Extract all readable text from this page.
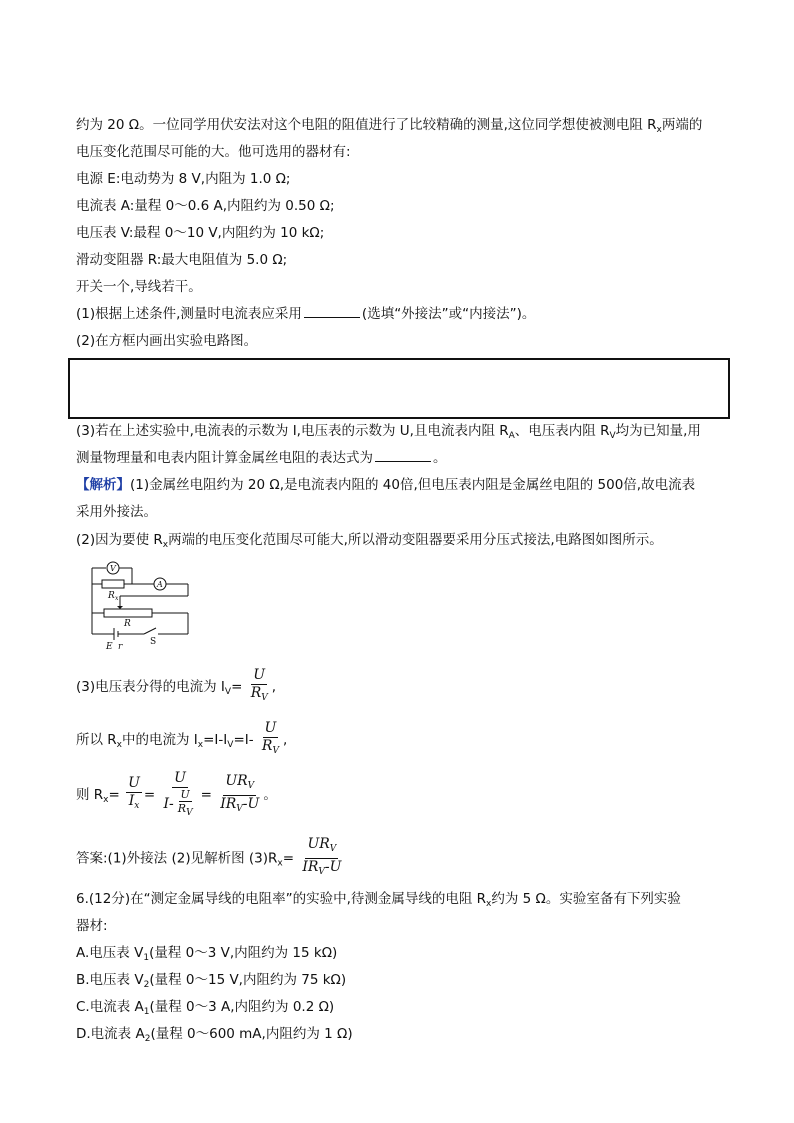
约为 20 Ω。一位同学用伏安法对这个电阻的阻值进行了比较精确的测量,这位同学想使被测电阻 $R_x$两端的
电压变化范围尽可能的大。他可选用的器材有:
电源 E:电动势为 8 V,内阻为 1.0 Ω;
电流表 A:量程 0～0.6 A,内阻约为 0.50 Ω;
电压表 V:最程 0～10 V,内阻约为 10 kΩ;
滑动变阻器 R:最大电阻值为 5.0 Ω;
开关一个,导线若干。
(1)根据上述条件,测量时电流表应采用	(选填“外接法”或“内接法”)。
(2)在方框内画出实验电路图。
(3)若在上述实验中,电流表的示数为 I,电压表的示数为 U,且电流表内阻 $R_A$、电压表内阻 $R_V$均为已知量,用
测量物理量和电表内阻计算金属丝电阻的表达式为	。
【解析】(1)金属丝电阻约为 20 Ω,是电流表内阻的 40倍,但电压表内阻是金属丝电阻的 500倍,故电流表
采用外接法。
(2)因为要使 $R_x$两端的电压变化范围尽可能大,所以滑动变阻器要采用分压式接法,电路图如图所示。
V
A
R x
R
S
E r
(3)电压表分得的电流为 $I_V= \frac{U}{R_V}$ ,
所以 $R_x$中的电流为 $I_x=I-I_V=I- \frac{U}{R_V}$ ,
则 $R_x= \frac{U}{I_x} = \frac{U}{I- \frac{U}{R_V}} = \frac{UR_V}{IR_V-U}$ 。
答案:(1)外接法 (2)见解析图 $(3)R_x= \frac{UR_V}{IR_V-U}$
6.(12分)在“测定金属导线的电阻率”的实验中,待测金属导线的电阻 $R_x$约为 5 Ω。实验室备有下列实验
器材:
A.电压表 $V_1$(量程 0～3 V,内阻约为 15 kΩ)
B.电压表 $V_2$(量程 0～15 V,内阻约为 75 kΩ)
C.电流表 $A_1$(量程 0～3 A,内阻约为 0.2 Ω)
D.电流表 $A_2$(量程 0～600 mA,内阻约为 1 Ω)
